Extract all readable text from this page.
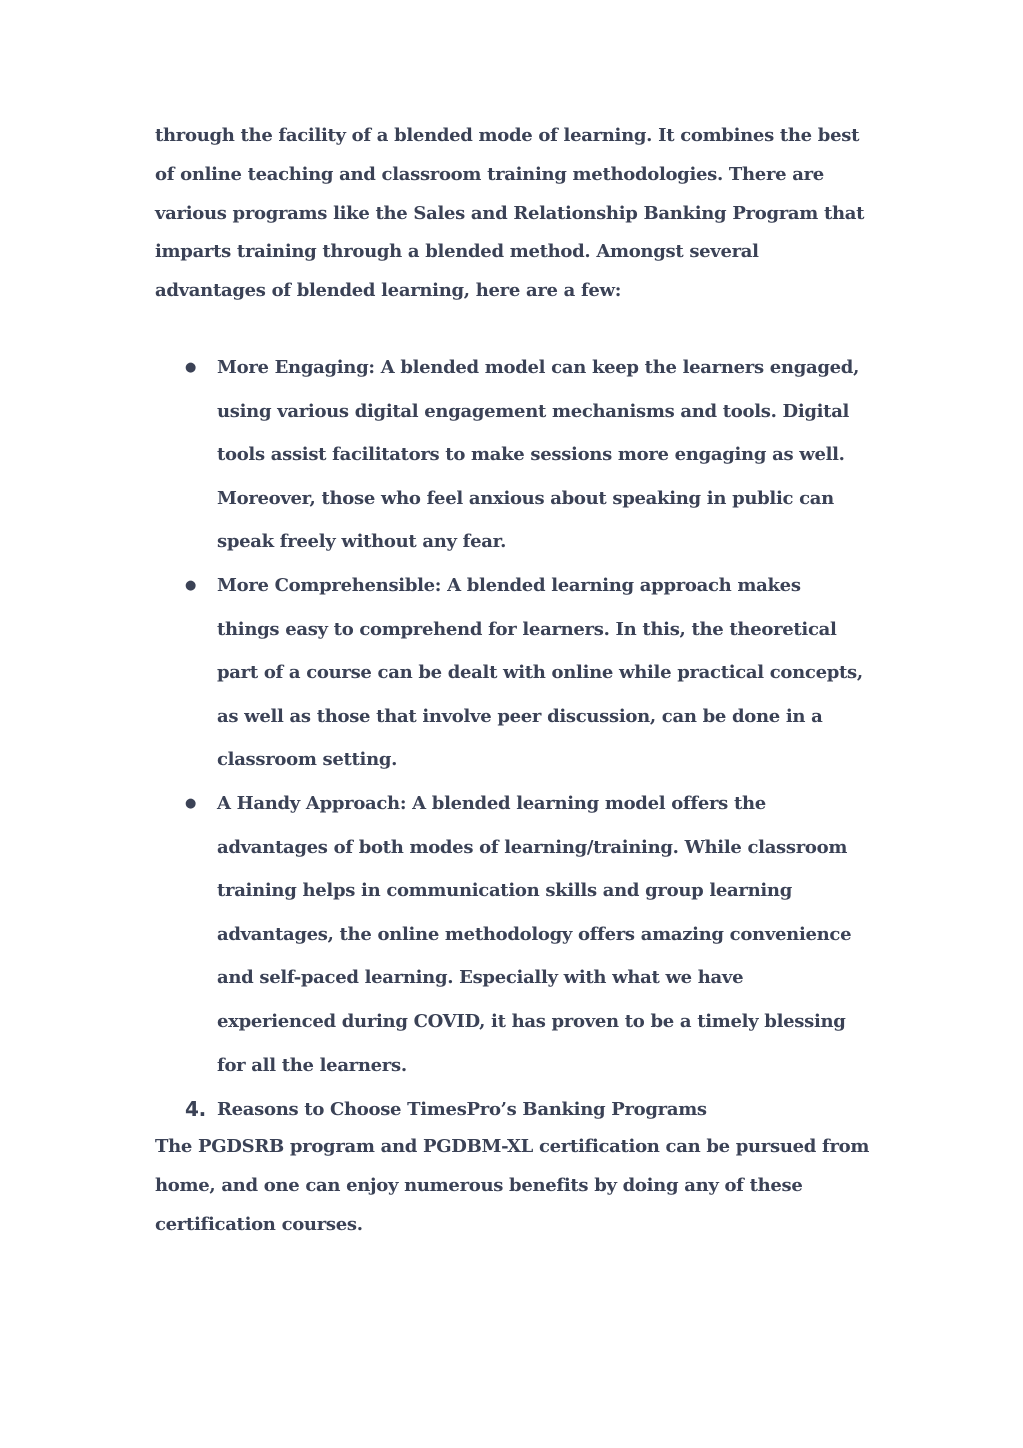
through the facility of a blended mode of learning. It combines the best of online teaching and classroom training methodologies. There are various programs like the Sales and Relationship Banking Program that imparts training through a blended method. Amongst several advantages of blended learning, here are a few:

● More Engaging: A blended model can keep the learners engaged, using various digital engagement mechanisms and tools. Digital tools assist facilitators to make sessions more engaging as well. Moreover, those who feel anxious about speaking in public can speak freely without any fear.
● More Comprehensible: A blended learning approach makes things easy to comprehend for learners. In this, the theoretical part of a course can be dealt with online while practical concepts, as well as those that involve peer discussion, can be done in a classroom setting.
● A Handy Approach: A blended learning model offers the advantages of both modes of learning/training. While classroom training helps in communication skills and group learning advantages, the online methodology offers amazing convenience and self-paced learning. Especially with what we have experienced during COVID, it has proven to be a timely blessing for all the learners.
4. Reasons to Choose TimesPro’s Banking Programs

The PGDSRB program and PGDBM-XL certification can be pursued from home, and one can enjoy numerous benefits by doing any of these certification courses.
